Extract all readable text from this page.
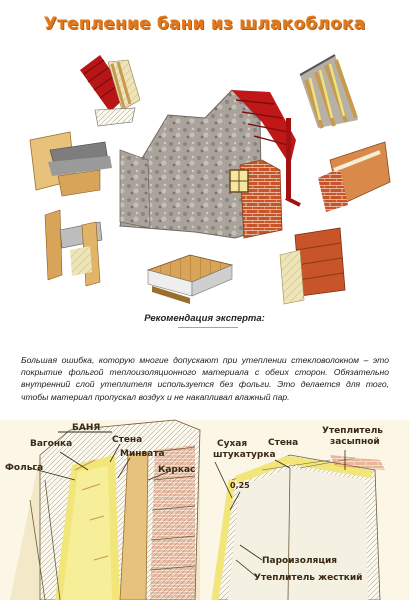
Утепление бани из шлакоблока
БАНЯ
Вагонка	Стена
Минвата
Фольга	Каркас
Сухая
штукатурка
Стена
Утеплитель
засыпной
0,25
Пароизоляция
Утеплитель жесткий
Рекомендация эксперта:
Большая ошибка, которую многие допускают при утеплении стекловолокном – это покрытие фольгой теплоизоляционного материала с обеих сторон. Обязательно внутренний слой утеплителя используется без фольги. Это делается для того, чтобы материал пропускал воздух и не накапливал влажный пар.
